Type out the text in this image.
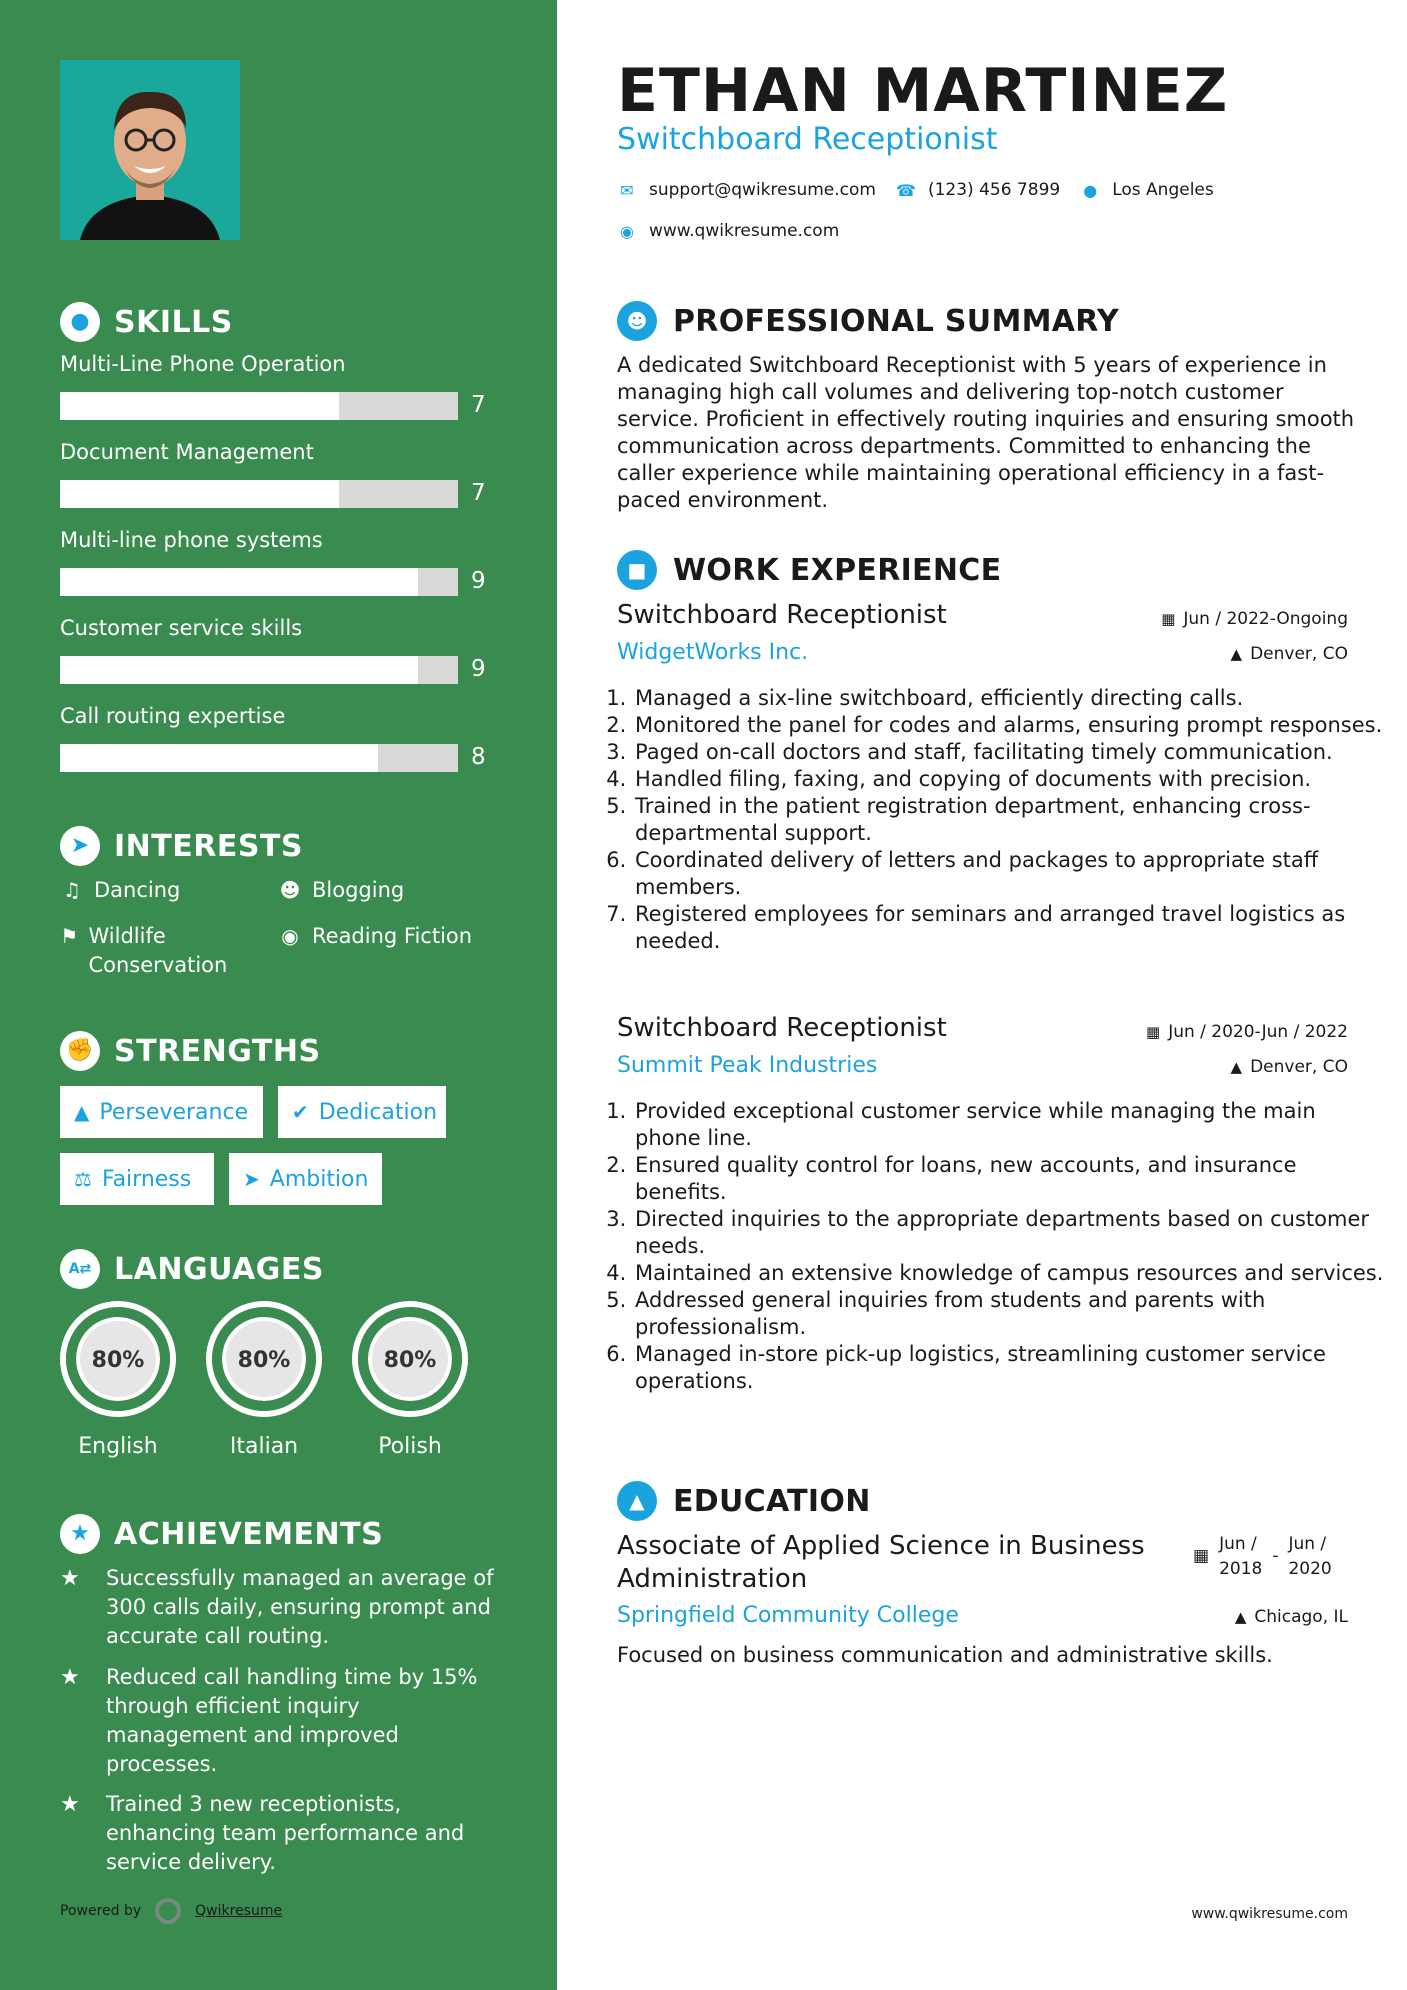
● SKILLS
Multi-Line Phone Operation
7
Document Management
7
Multi-line phone systems
9
Customer service skills
9
Call routing expertise
8
➤ INTERESTS
♫ Dancing	☻ Blogging
⚑ Wildlife Conservation
◉ Reading Fiction
✊ STRENGTHS
▲ Perseverance ✔ Dedication
⚖ Fairness	➤ Ambition
A⇄ LANGUAGES
80%
English
80%
Italian
80%
Polish
★ ACHIEVEMENTS
★	Successfully managed an average of
300 calls daily, ensuring prompt and
accurate call routing.
★	Reduced call handling time by 15%
through efficient inquiry
management and improved
processes.
★	Trained 3 new receptionists,
enhancing team performance and
service delivery.
Powered by	Qwikresume
ETHAN MARTINEZ
Switchboard Receptionist
✉ support@qwikresume.com ☎ (123) 456 7899 ● Los Angeles
◉ www.qwikresume.com
☻ PROFESSIONAL SUMMARY
A dedicated Switchboard Receptionist with 5 years of experience in
managing high call volumes and delivering top-notch customer
service. Proficient in effectively routing inquiries and ensuring smooth
communication across departments. Committed to enhancing the
caller experience while maintaining operational efficiency in a fast-
paced environment.
■ WORK EXPERIENCE
Switchboard Receptionist	▦ Jun / 2022-Ongoing
WidgetWorks Inc.	▲ Denver, CO
1. Managed a six-line switchboard, efficiently directing calls.
2. Monitored the panel for codes and alarms, ensuring prompt responses.
3. Paged on-call doctors and staff, facilitating timely communication.
4. Handled filing, faxing, and copying of documents with precision.
5. Trained in the patient registration department, enhancing cross-departmental support.
6. Coordinated delivery of letters and packages to appropriate staff members.
7. Registered employees for seminars and arranged travel logistics as needed.
Switchboard Receptionist	▦ Jun / 2020-Jun / 2022
Summit Peak Industries	▲ Denver, CO
1. Provided exceptional customer service while managing the main phone line.
2. Ensured quality control for loans, new accounts, and insurance benefits.
3. Directed inquiries to the appropriate departments based on customer needs.
4. Maintained an extensive knowledge of campus resources and services.
5. Addressed general inquiries from students and parents with professionalism.
6. Managed in-store pick-up logistics, streamlining customer service operations.
▲ EDUCATION
Associate of Applied Science in Business
Administration
▦
Jun /
2018
-
Jun /
2020
Springfield Community College	▲ Chicago, IL
Focused on business communication and administrative skills.
www.qwikresume.com
